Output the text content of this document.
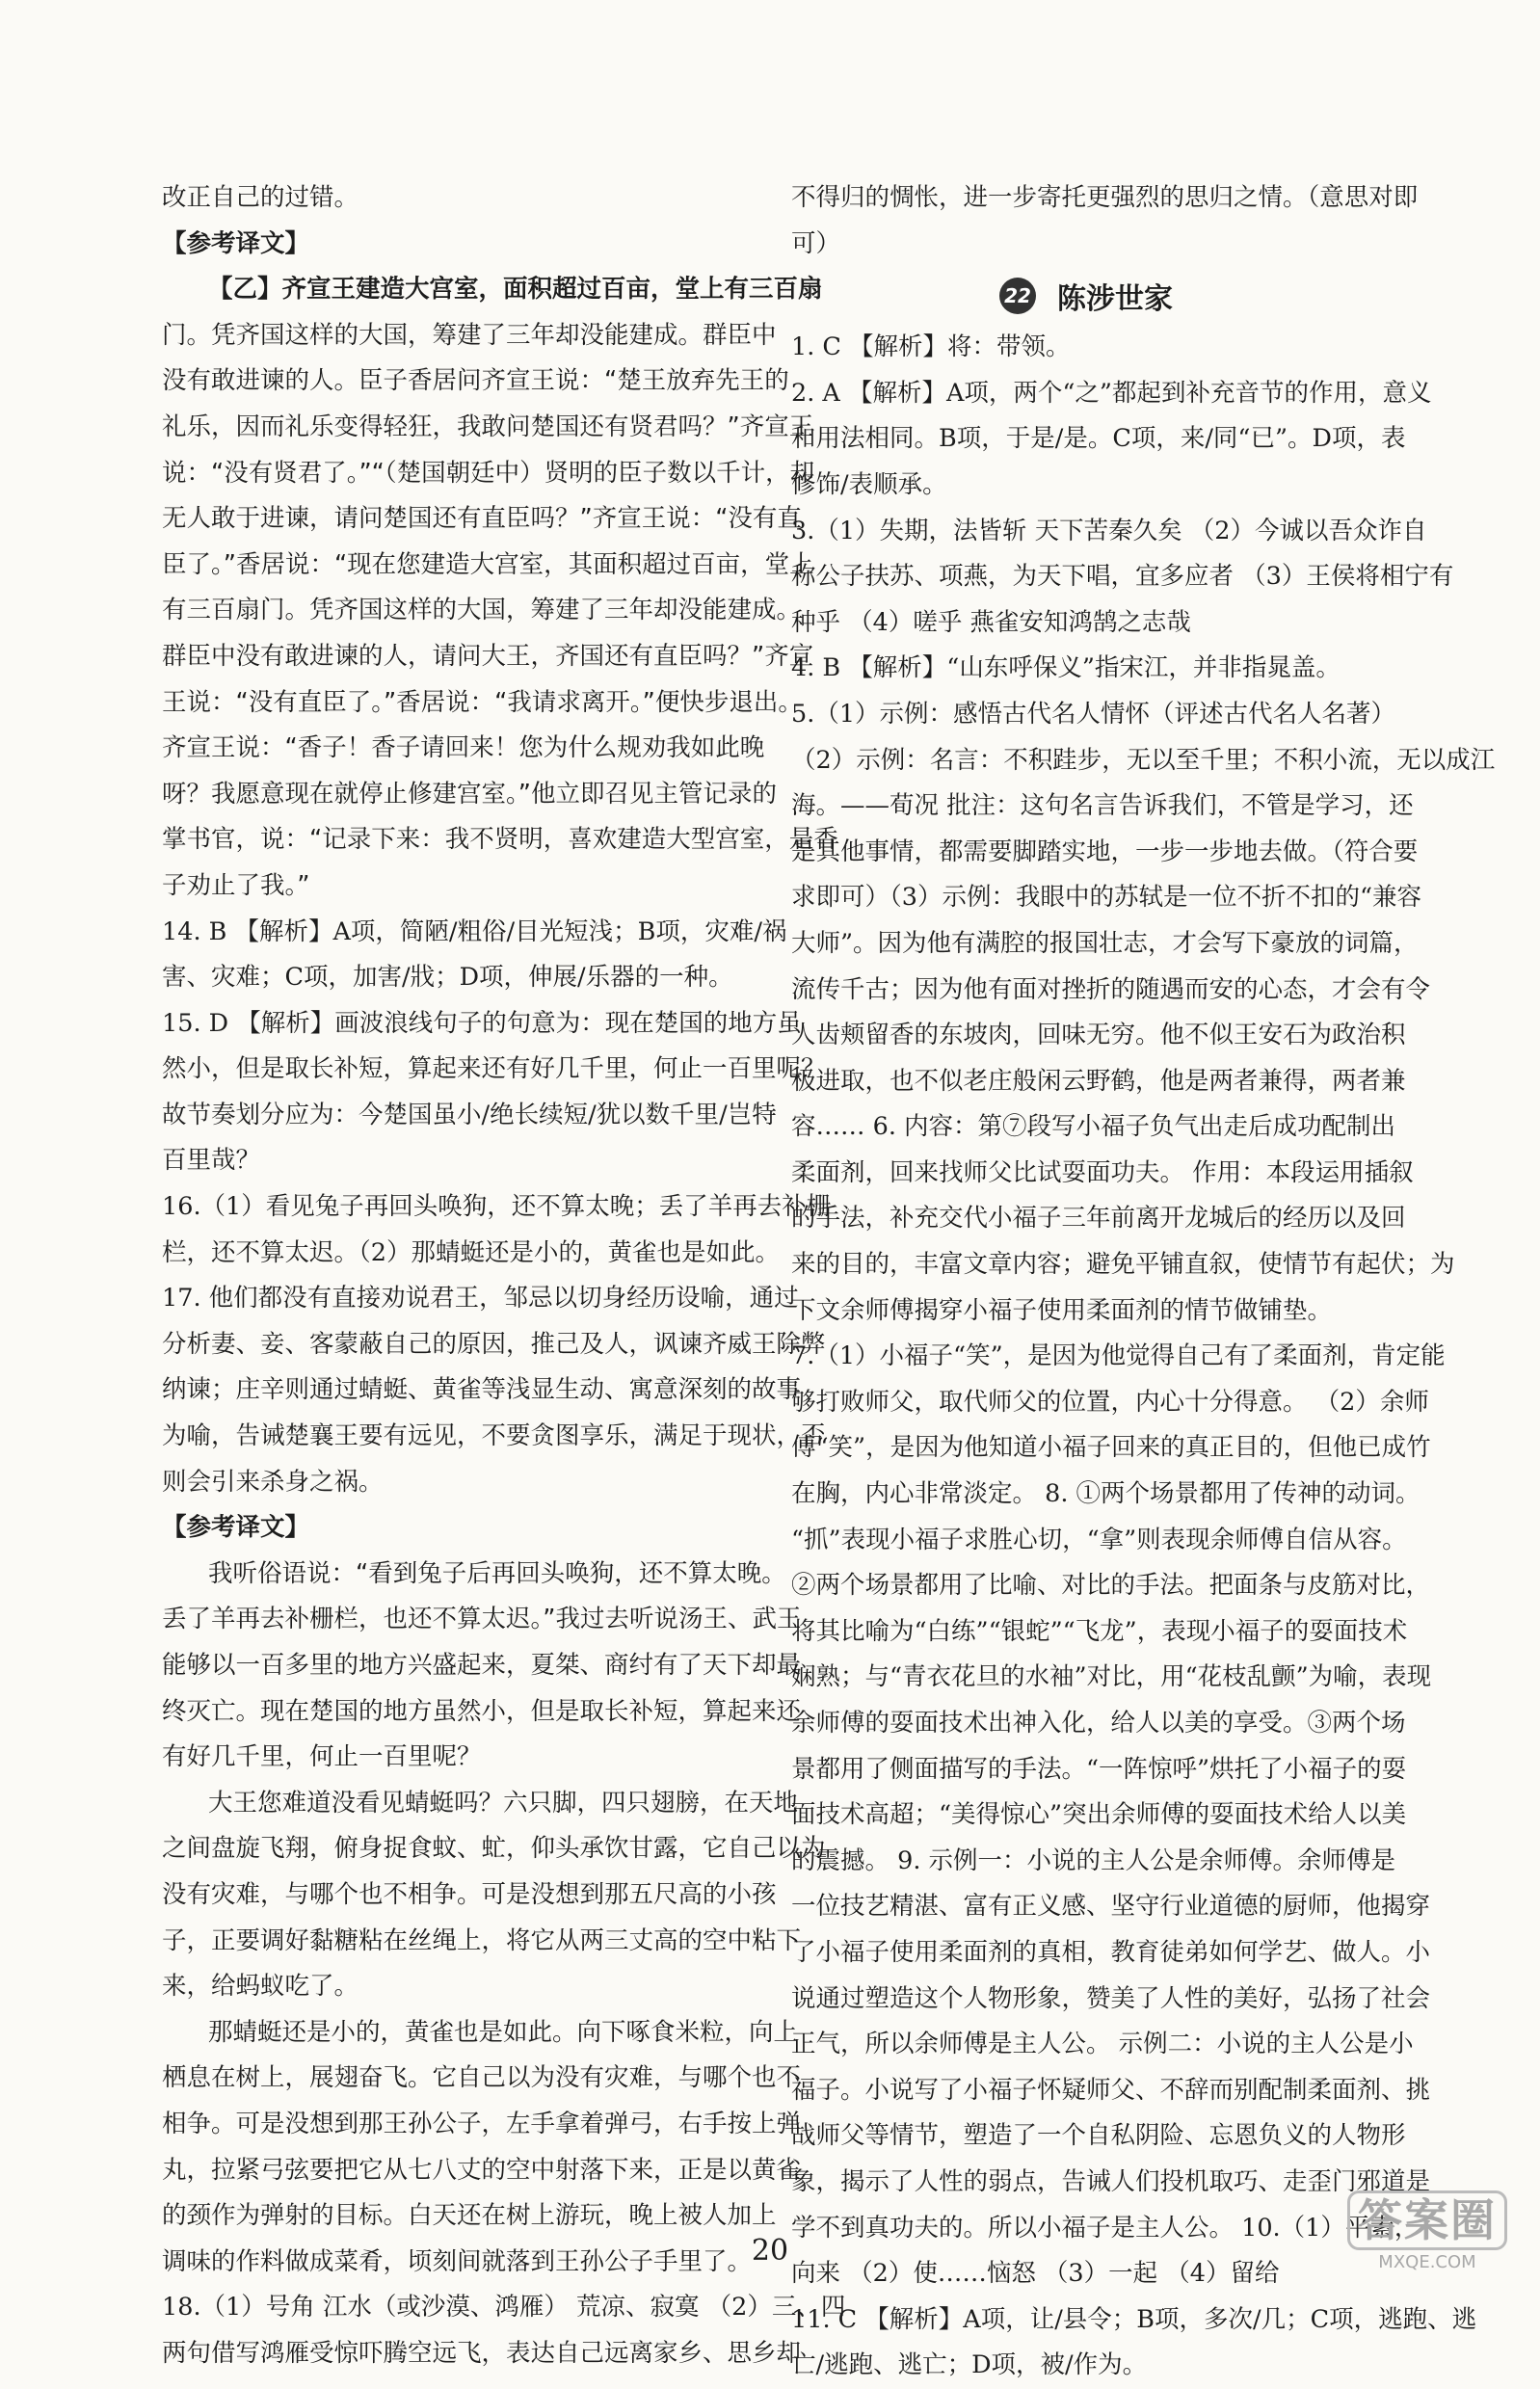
改正自己的过错。
【参考译文】
【乙】齐宣王建造大宫室，面积超过百亩，堂上有三百扇
门。凭齐国这样的大国，筹建了三年却没能建成。群臣中
没有敢进谏的人。臣子香居问齐宣王说：“楚王放弃先王的
礼乐，因而礼乐变得轻狂，我敢问楚国还有贤君吗？”齐宣王
说：“没有贤君了。”“（楚国朝廷中）贤明的臣子数以千计，却
无人敢于进谏，请问楚国还有直臣吗？”齐宣王说：“没有直
臣了。”香居说：“现在您建造大宫室，其面积超过百亩，堂上
有三百扇门。凭齐国这样的大国，筹建了三年却没能建成。
群臣中没有敢进谏的人，请问大王，齐国还有直臣吗？”齐宣
王说：“没有直臣了。”香居说：“我请求离开。”便快步退出。
齐宣王说：“香子！香子请回来！您为什么规劝我如此晚
呀？我愿意现在就停止修建宫室。”他立即召见主管记录的
掌书官，说：“记录下来：我不贤明，喜欢建造大型宫室，是香
子劝止了我。”
14. B 【解析】A项，简陋/粗俗/目光短浅；B项，灾难/祸
害、灾难；C项，加害/戕；D项，伸展/乐器的一种。
15. D 【解析】画波浪线句子的句意为：现在楚国的地方虽
然小，但是取长补短，算起来还有好几千里，何止一百里呢？
故节奏划分应为：今楚国虽小/绝长续短/犹以数千里/岂特
百里哉？
16.（1）看见兔子再回头唤狗，还不算太晚；丢了羊再去补栅
栏，还不算太迟。（2）那蜻蜓还是小的，黄雀也是如此。
17. 他们都没有直接劝说君王，邹忌以切身经历设喻，通过
分析妻、妾、客蒙蔽自己的原因，推己及人，讽谏齐威王除弊
纳谏；庄辛则通过蜻蜓、黄雀等浅显生动、寓意深刻的故事
为喻，告诫楚襄王要有远见，不要贪图享乐，满足于现状，否
则会引来杀身之祸。
【参考译文】
我听俗语说：“看到兔子后再回头唤狗，还不算太晚。
丢了羊再去补栅栏，也还不算太迟。”我过去听说汤王、武王
能够以一百多里的地方兴盛起来，夏桀、商纣有了天下却最
终灭亡。现在楚国的地方虽然小，但是取长补短，算起来还
有好几千里，何止一百里呢？
大王您难道没看见蜻蜓吗？六只脚，四只翅膀，在天地
之间盘旋飞翔，俯身捉食蚊、虻，仰头承饮甘露，它自己以为
没有灾难，与哪个也不相争。可是没想到那五尺高的小孩
子，正要调好黏糖粘在丝绳上，将它从两三丈高的空中粘下
来，给蚂蚁吃了。
那蜻蜓还是小的，黄雀也是如此。向下啄食米粒，向上
栖息在树上，展翅奋飞。它自己以为没有灾难，与哪个也不
相争。可是没想到那王孙公子，左手拿着弹弓，右手按上弹
丸，拉紧弓弦要把它从七八丈的空中射落下来，正是以黄雀
的颈作为弹射的目标。白天还在树上游玩，晚上被人加上
调味的作料做成菜肴，顷刻间就落到王孙公子手里了。
18.（1）号角 江水（或沙漠、鸿雁） 荒凉、寂寞 （2）三、四
两句借写鸿雁受惊吓腾空远飞，表达自己远离家乡、思乡却
不得归的惆怅，进一步寄托更强烈的思归之情。（意思对即
可）
22 陈涉世家
1. C 【解析】将：带领。
2. A 【解析】A项，两个“之”都起到补充音节的作用，意义
和用法相同。B项，于是/是。C项，来/同“已”。D项，表
修饰/表顺承。
3.（1）失期，法皆斩 天下苦秦久矣 （2）今诚以吾众诈自
称公子扶苏、项燕，为天下唱，宜多应者 （3）王侯将相宁有
种乎 （4）嗟乎 燕雀安知鸿鹄之志哉
4. B 【解析】“山东呼保义”指宋江，并非指晁盖。
5.（1）示例：感悟古代名人情怀（评述古代名人名著）
（2）示例：名言：不积跬步，无以至千里；不积小流，无以成江
海。——荀况 批注：这句名言告诉我们，不管是学习，还
是其他事情，都需要脚踏实地，一步一步地去做。（符合要
求即可）（3）示例：我眼中的苏轼是一位不折不扣的“兼容
大师”。因为他有满腔的报国壮志，才会写下豪放的词篇，
流传千古；因为他有面对挫折的随遇而安的心态，才会有令
人齿颊留香的东坡肉，回味无穷。他不似王安石为政治积
极进取，也不似老庄般闲云野鹤，他是两者兼得，两者兼
容…… 6. 内容：第⑦段写小福子负气出走后成功配制出
柔面剂，回来找师父比试耍面功夫。 作用：本段运用插叙
的手法，补充交代小福子三年前离开龙城后的经历以及回
来的目的，丰富文章内容；避免平铺直叙，使情节有起伏；为
下文余师傅揭穿小福子使用柔面剂的情节做铺垫。
7.（1）小福子“笑”，是因为他觉得自己有了柔面剂，肯定能
够打败师父，取代师父的位置，内心十分得意。 （2）余师
傅“笑”，是因为他知道小福子回来的真正目的，但他已成竹
在胸，内心非常淡定。 8. ①两个场景都用了传神的动词。
“抓”表现小福子求胜心切，“拿”则表现余师傅自信从容。
②两个场景都用了比喻、对比的手法。把面条与皮筋对比，
将其比喻为“白练”“银蛇”“飞龙”，表现小福子的耍面技术
娴熟；与“青衣花旦的水袖”对比，用“花枝乱颤”为喻，表现
余师傅的耍面技术出神入化，给人以美的享受。③两个场
景都用了侧面描写的手法。“一阵惊呼”烘托了小福子的耍
面技术高超；“美得惊心”突出余师傅的耍面技术给人以美
的震撼。 9. 示例一：小说的主人公是余师傅。余师傅是
一位技艺精湛、富有正义感、坚守行业道德的厨师，他揭穿
了小福子使用柔面剂的真相，教育徒弟如何学艺、做人。小
说通过塑造这个人物形象，赞美了人性的美好，弘扬了社会
正气，所以余师傅是主人公。 示例二：小说的主人公是小
福子。小说写了小福子怀疑师父、不辞而别配制柔面剂、挑
战师父等情节，塑造了一个自私阴险、忘恩负义的人物形
象，揭示了人性的弱点，告诫人们投机取巧、走歪门邪道是
学不到真功夫的。所以小福子是主人公。 10.（1）平素，
向来 （2）使……恼怒 （3）一起 （4）留给
11. C 【解析】A项，让/县令；B项，多次/几；C项，逃跑、逃
亡/逃跑、逃亡；D项，被/作为。
20
答案圈
MXQE.COM
